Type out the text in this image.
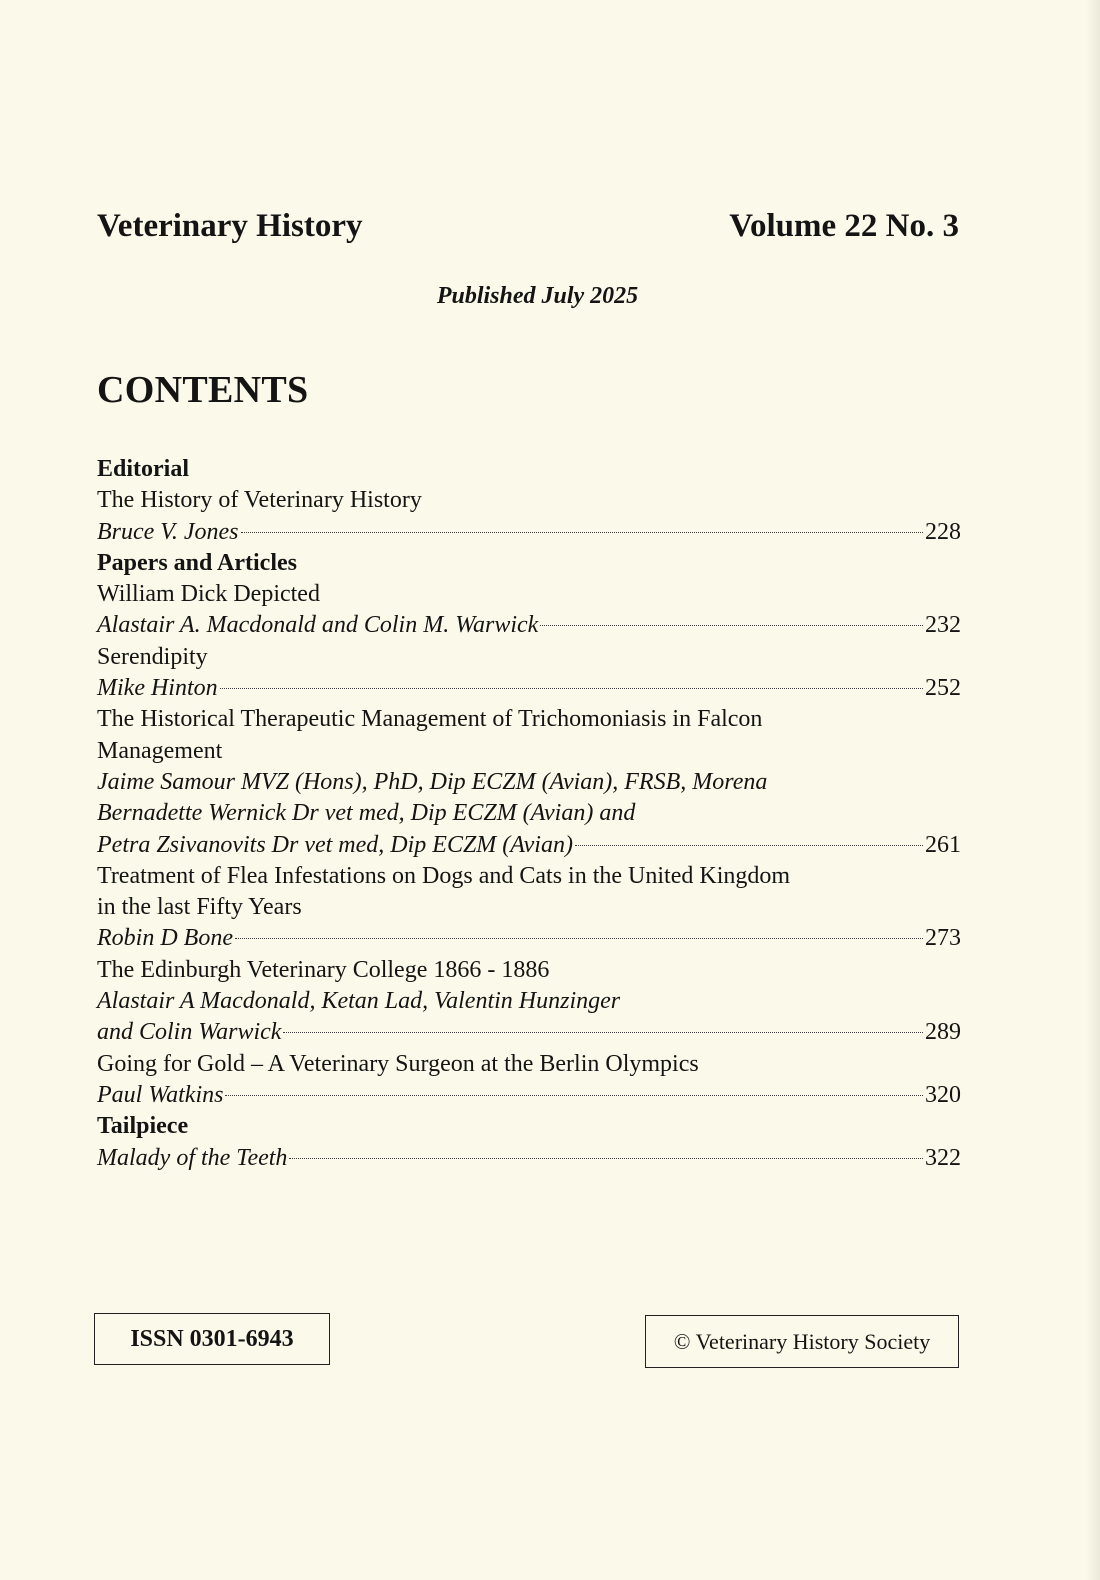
Veterinary History	Volume 22 No. 3

Published July 2025

CONTENTS
Editorial
The History of Veterinary History
Bruce V. Jones	228
Papers and Articles
William Dick Depicted
Alastair A. Macdonald and Colin M. Warwick	232
Serendipity
Mike Hinton	252
The Historical Therapeutic Management of Trichomoniasis in Falcon
Management
Jaime Samour MVZ (Hons), PhD, Dip ECZM (Avian), FRSB, Morena
Bernadette Wernick Dr vet med, Dip ECZM (Avian) and
Petra Zsivanovits Dr vet med, Dip ECZM (Avian)	261
Treatment of Flea Infestations on Dogs and Cats in the United Kingdom
in the last Fifty Years
Robin D Bone	273
The Edinburgh Veterinary College 1866 - 1886
Alastair A Macdonald, Ketan Lad, Valentin Hunzinger
and Colin Warwick	289
Going for Gold – A Veterinary Surgeon at the Berlin Olympics
Paul Watkins	320
Tailpiece
Malady of the Teeth	322
ISSN 0301-6943	© Veterinary History Society
